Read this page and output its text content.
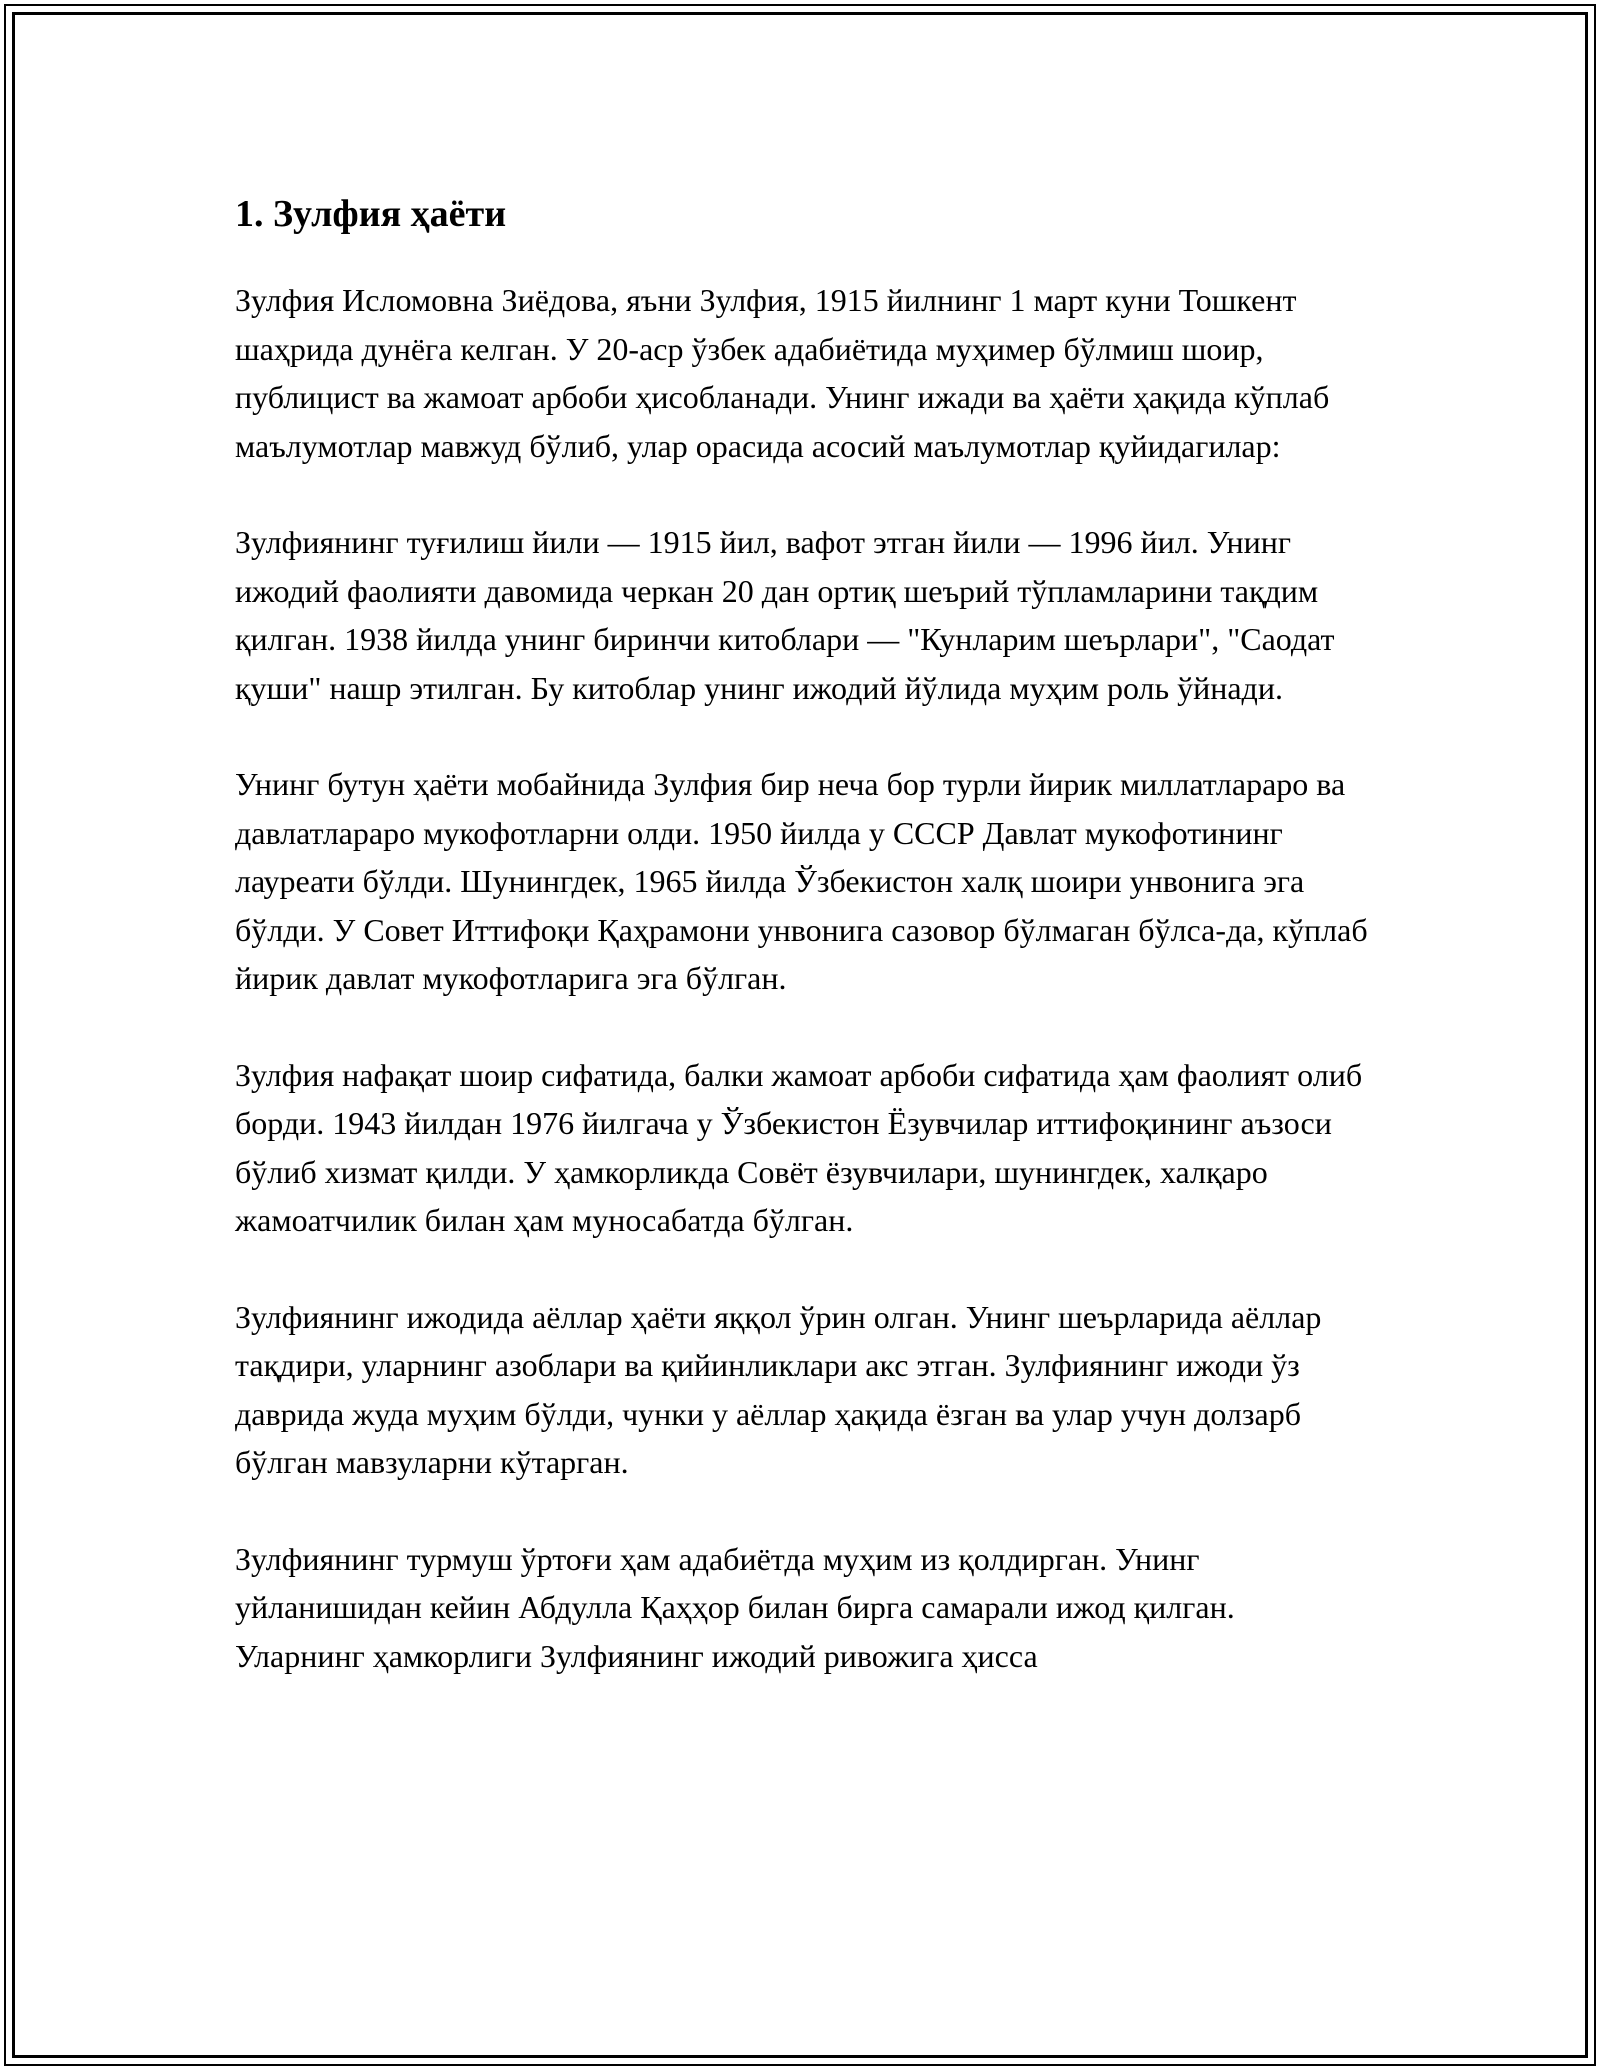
1. Зулфия ҳаёти

Зулфия Исломовна Зиёдова, яъни Зулфия, 1915 йилнинг 1 март куни Тошкент шаҳрида дунёга келган. У 20-аср ўзбек адабиётида муҳимер бўлмиш шоир, публицист ва жамоат арбоби ҳисобланади. Унинг ижади ва ҳаёти ҳақида кўплаб маълумотлар мавжуд бўлиб, улар орасида асосий маълумотлар қуйидагилар:

Зулфиянинг туғилиш йили — 1915 йил, вафот этган йили — 1996 йил. Унинг ижодий фаолияти давомида черкан 20 дан ортиқ шеърий тўпламларини тақдим қилган. 1938 йилда унинг биринчи китоблари — "Кунларим шеърлари", "Саодат қуши" нашр этилган. Бу китоблар унинг ижодий йўлида муҳим роль ўйнади.

Унинг бутун ҳаёти мобайнида Зулфия бир неча бор турли йирик миллатлараро ва давлатлараро мукофотларни олди. 1950 йилда у СССР Давлат мукофотининг лауреати бўлди. Шунингдек, 1965 йилда Ўзбекистон халқ шоири унвонига эга бўлди. У Совет Иттифоқи Қаҳрамони унвонига сазовор бўлмаган бўлса-да, кўплаб йирик давлат мукофотларига эга бўлган.

Зулфия нафақат шоир сифатида, балки жамоат арбоби сифатида ҳам фаолият олиб борди. 1943 йилдан 1976 йилгача у Ўзбекистон Ёзувчилар иттифоқининг аъзоси бўлиб хизмат қилди. У ҳамкорликда Совёт ёзувчилари, шунингдек, халқаро жамоатчилик билан ҳам муносабатда бўлган.

Зулфиянинг ижодида аёллар ҳаёти яққол ўрин олган. Унинг шеърларида аёллар тақдири, уларнинг азоблари ва қийинликлари акс этган. Зулфиянинг ижоди ўз даврида жуда муҳим бўлди, чунки у аёллар ҳақида ёзган ва улар учун долзарб бўлган мавзуларни кўтарган.

Зулфиянинг турмуш ўртоғи ҳам адабиётда муҳим из қолдирган. Унинг уйланишидан кейин Абдулла Қаҳҳор билан бирга самарали ижод қилган. Уларнинг ҳамкорлиги Зулфиянинг ижодий ривожига ҳисса
